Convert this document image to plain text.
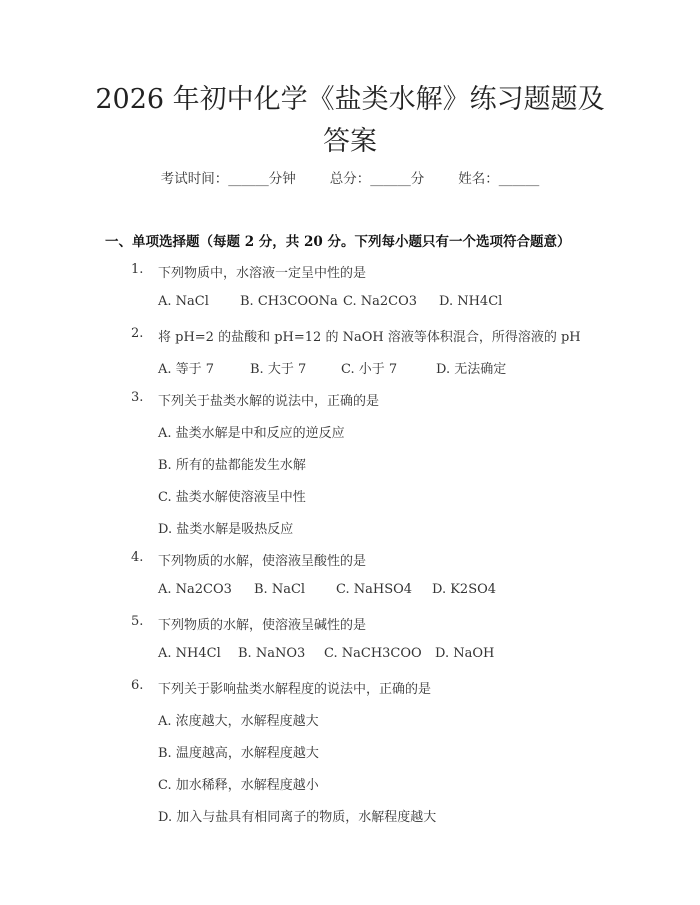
2026 年初中化学《盐类水解》练习题题及答案
考试时间：______分钟	总分：______分	姓名：______
一、单项选择题（每题 2 分，共 20 分。下列每小题只有一个选项符合题意）
1. 下列物质中，水溶液一定呈中性的是
A. NaCl B. CH3COONa C. Na2CO3 D. NH4Cl
2. 将 pH=2 的盐酸和 pH=12 的 NaOH 溶液等体积混合，所得溶液的 pH
A. 等于 7	B. 大于 7	C. 小于 7	D. 无法确定
3. 下列关于盐类水解的说法中，正确的是
A. 盐类水解是中和反应的逆反应
B. 所有的盐都能发生水解
C. 盐类水解使溶液呈中性
D. 盐类水解是吸热反应
4. 下列物质的水解，使溶液呈酸性的是
A. Na2CO3 B. NaCl C. NaHSO4 D. K2SO4
5. 下列物质的水解，使溶液呈碱性的是
A. NH4Cl B. NaNO3 C. NaCH3COO D. NaOH
6. 下列关于影响盐类水解程度的说法中，正确的是
A. 浓度越大，水解程度越大
B. 温度越高，水解程度越大
C. 加水稀释，水解程度越小
D. 加入与盐具有相同离子的物质，水解程度越大
